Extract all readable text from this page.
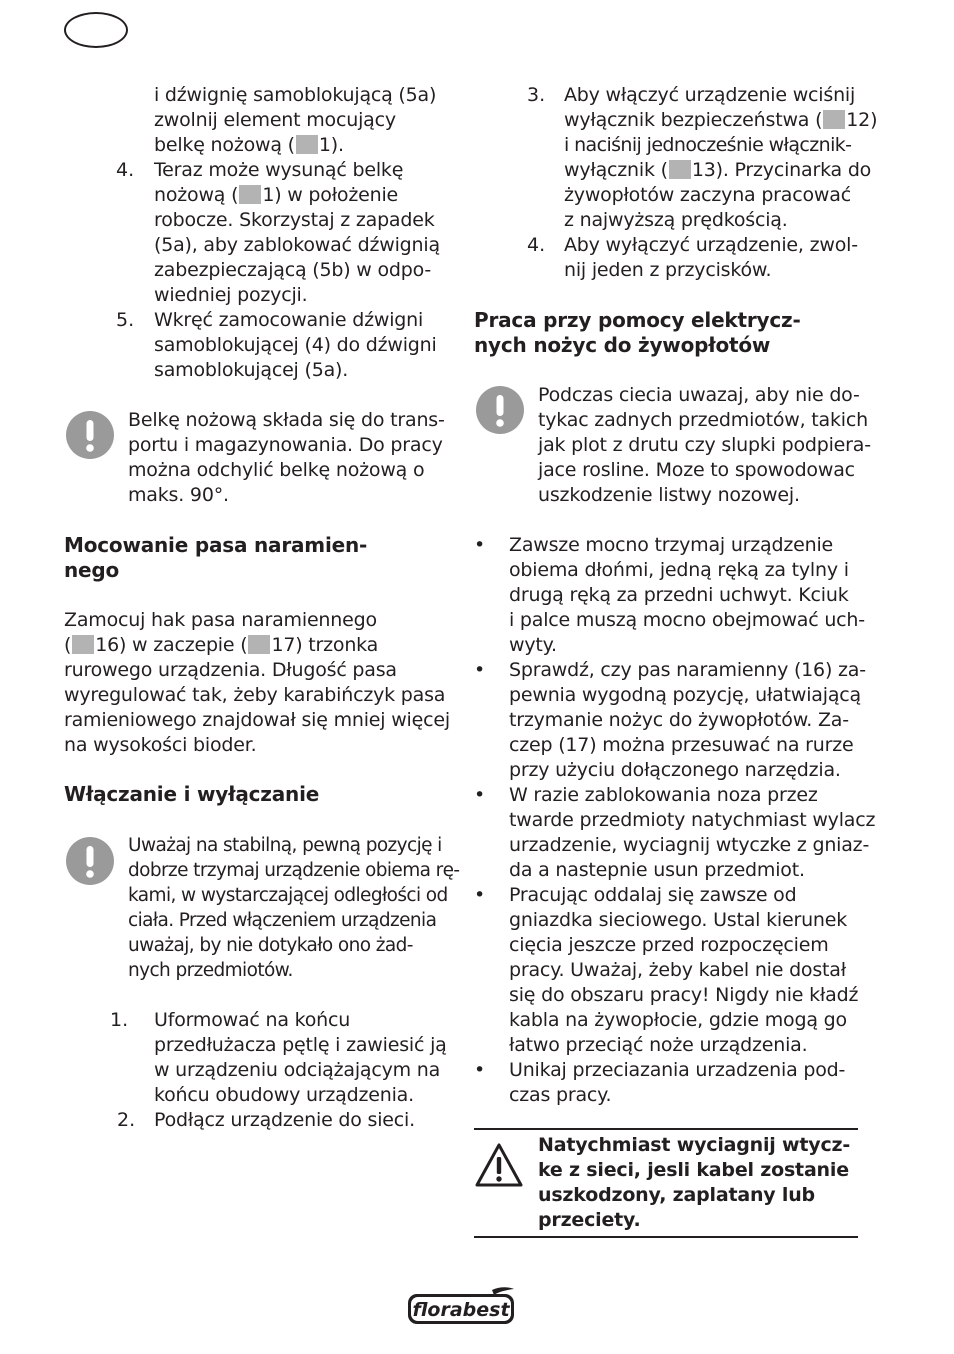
i dźwignię samoblokującą (5a)
zwolnij element mocujący
belkę nożową ( 1).
4. Teraz może wysunąć belkę
nożową ( 1) w położenie
robocze. Skorzystaj z zapadek
(5a), aby zablokować dźwignią
zabezpieczającą (5b) w odpo-
wiedniej pozycji.
5. Wkręć zamocowanie dźwigni
samoblokującej (4) do dźwigni
samoblokującej (5a).
Belkę nożową składa się do trans-
portu i magazynowania. Do pracy
można odchylić belkę nożową o
maks. 90°.
Mocowanie pasa naramien-
nego
Zamocuj hak pasa naramiennego
( 16) w zaczepie ( 17) trzonka
rurowego urządzenia. Długość pasa
wyregulować tak, żeby karabińczyk pasa
ramieniowego znajdował się mniej więcej
na wysokości bioder.
Włączanie i wyłączanie
Uważaj na stabilną, pewną pozycję i
dobrze trzymaj urządzenie obiema rę-
kami, w wystarczającej odległości od
ciała. Przed włączeniem urządzenia
uważaj, by nie dotykało ono żad-
nych przedmiotów.
1. Uformować na końcu
przedłużacza pętlę i zawiesić ją
w urządzeniu odciążającym na
końcu obudowy urządzenia.
2. Podłącz urządzenie do sieci.
3. Aby włączyć urządzenie wciśnij
wyłącznik bezpieczeństwa ( 12)
i naciśnij jednocześnie włącznik-
wyłącznik ( 13). Przycinarka do
żywopłotów zaczyna pracować
z najwyższą prędkością.
4. Aby wyłączyć urządzenie, zwol-
nij jeden z przycisków.
Praca przy pomocy elektrycz-
nych nożyc do żywopłotów
Podczas ciecia uwazaj, aby nie do-
tykac zadnych przedmiotów, takich
jak plot z drutu czy slupki podpiera-
jace rosline. Moze to spowodowac
uszkodzenie listwy nozowej.
• Zawsze mocno trzymaj urządzenie
obiema dłońmi, jedną ręką za tylny i
drugą ręką za przedni uchwyt. Kciuk
i palce muszą mocno obejmować uch-
wyty.
• Sprawdź, czy pas naramienny (16) za-
pewnia wygodną pozycję, ułatwiającą
trzymanie nożyc do żywopłotów. Za-
czep (17) można przesuwać na rurze
przy użyciu dołączonego narzędzia.
• W razie zablokowania noza przez
twarde przedmioty natychmiast wylacz
urzadzenie, wyciagnij wtyczke z gniaz-
da a nastepnie usun przedmiot.
• Pracując oddalaj się zawsze od
gniazdka sieciowego. Ustal kierunek
cięcia jeszcze przed rozpoczęciem
pracy. Uważaj, żeby kabel nie dostał
się do obszaru pracy! Nigdy nie kładź
kabla na żywopłocie, gdzie mogą go
łatwo przeciąć noże urządzenia.
• Unikaj przeciazania urzadzenia pod-
czas pracy.
Natychmiast wyciagnij wtycz-
ke z sieci, jesli kabel zostanie
uszkodzony, zaplatany lub
przeciety.
florabest
